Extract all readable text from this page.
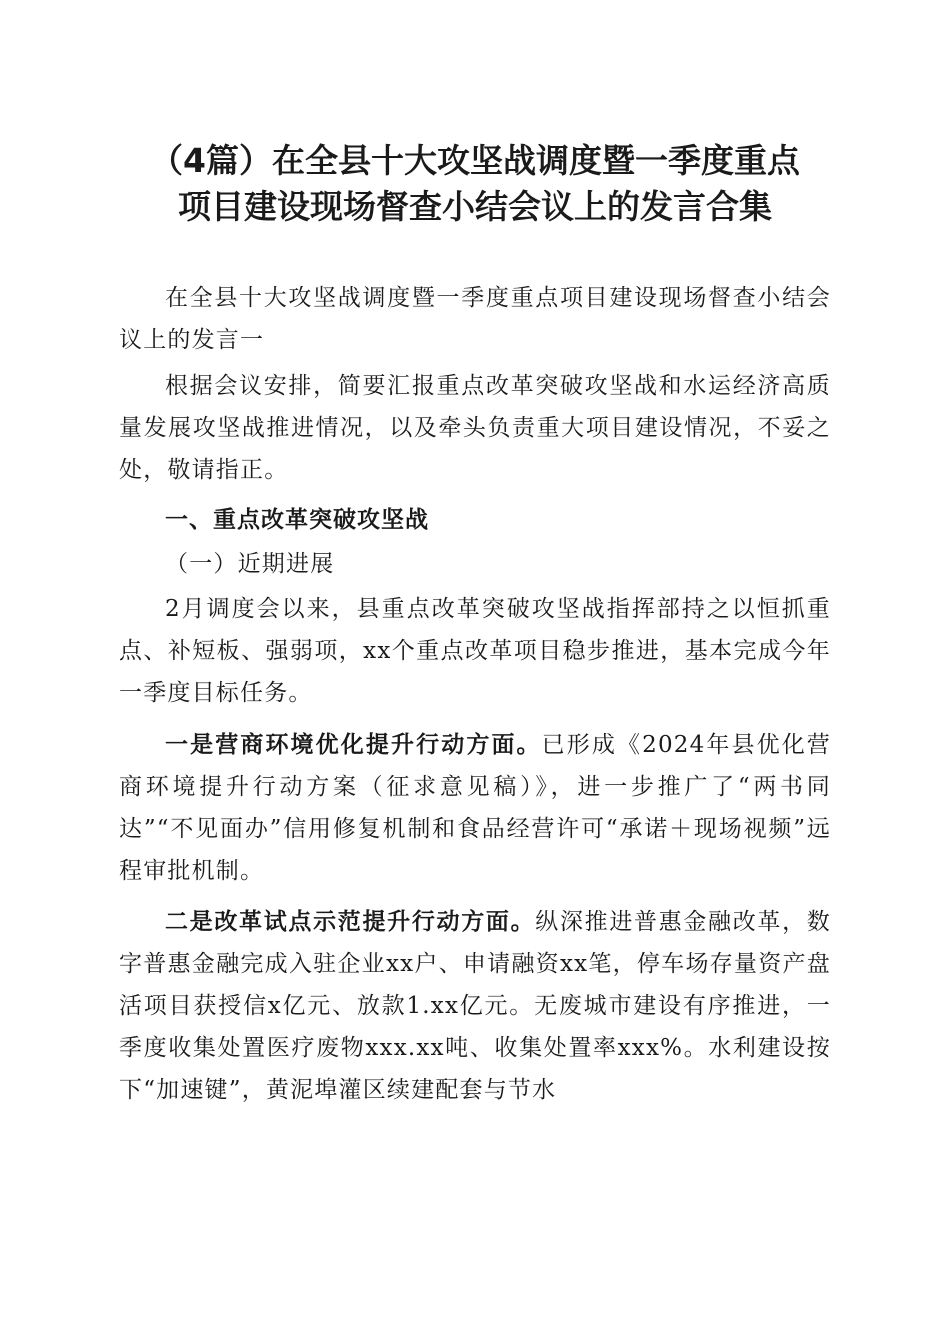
（4篇）在全县十大攻坚战调度暨一季度重点
项目建设现场督查小结会议上的发言合集

在全县十大攻坚战调度暨一季度重点项目建设现场督查小结会议上的发言一

根据会议安排，简要汇报重点改革突破攻坚战和水运经济高质量发展攻坚战推进情况，以及牵头负责重大项目建设情况，不妥之处，敬请指正。

一、重点改革突破攻坚战

（一）近期进展

2月调度会以来，县重点改革突破攻坚战指挥部持之以恒抓重点、补短板、强弱项，xx个重点改革项目稳步推进，基本完成今年一季度目标任务。

一是营商环境优化提升行动方面。已形成《2024年县优化营商环境提升行动方案（征求意见稿）》，进一步推广了“两书同达”“不见面办”信用修复机制和食品经营许可“承诺＋现场视频”远程审批机制。

二是改革试点示范提升行动方面。纵深推进普惠金融改革，数字普惠金融完成入驻企业xx户、申请融资xx笔，停车场存量资产盘活项目获授信x亿元、放款1.xx亿元。无废城市建设有序推进，一季度收集处置医疗废物xxx.xx吨、收集处置率xxx%。水利建设按下“加速键”，黄泥埠灌区续建配套与节水
